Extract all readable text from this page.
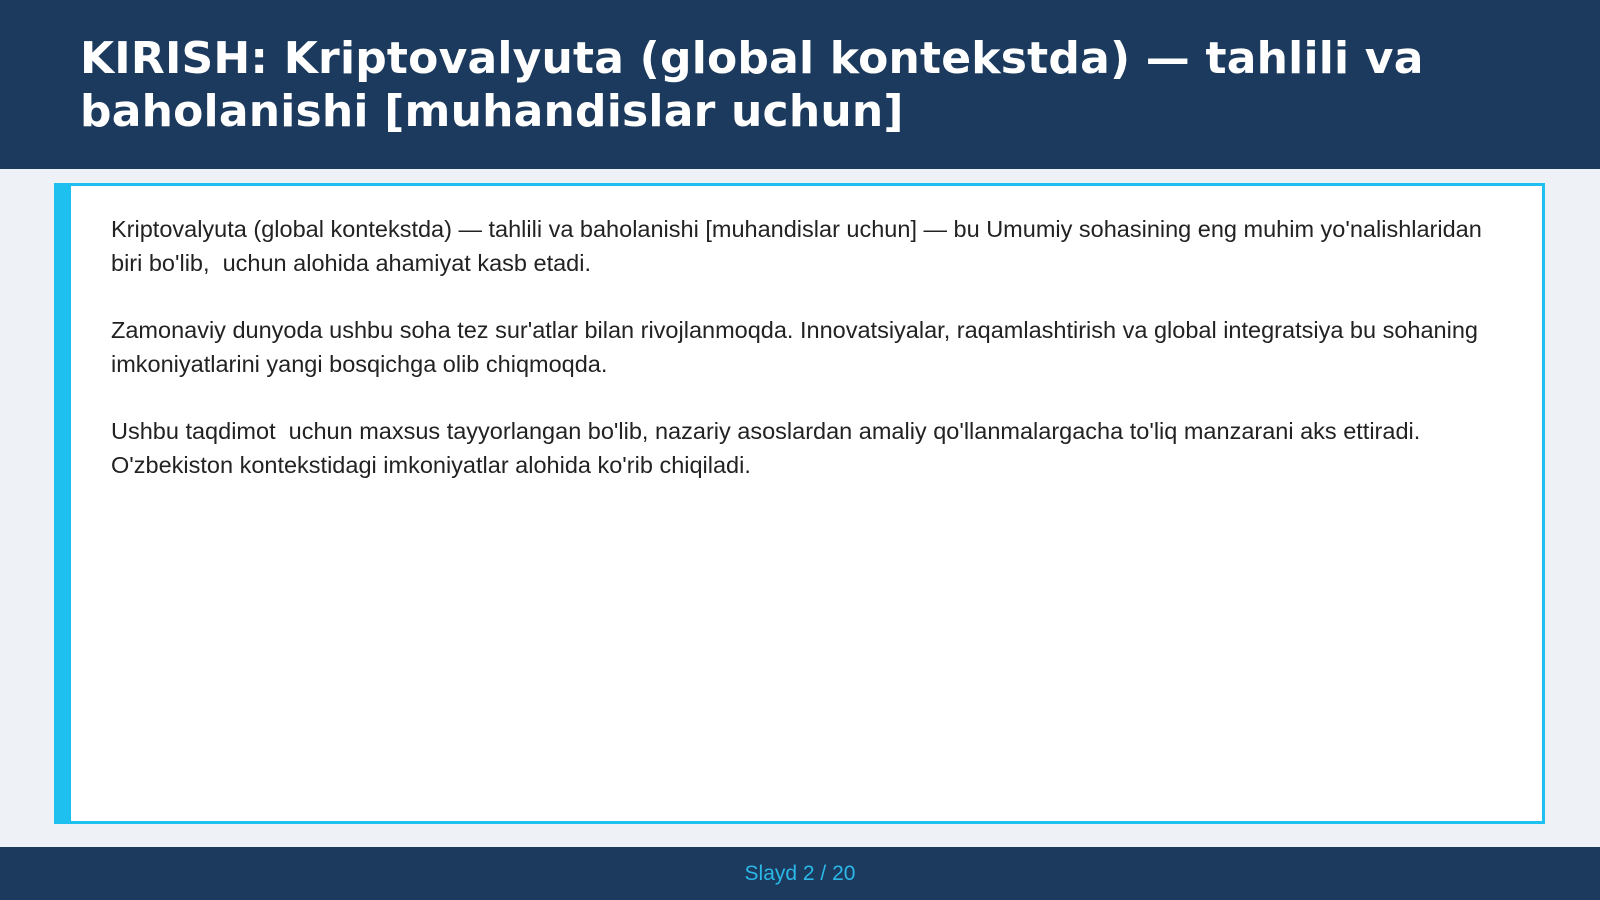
KIRISH: Kriptovalyuta (global kontekstda) — tahlili va baholanishi [muhandislar uchun]

Kriptovalyuta (global kontekstda) — tahlili va baholanishi [muhandislar uchun] — bu Umumiy sohasining eng muhim yo'nalishlaridan biri bo'lib,  uchun alohida ahamiyat kasb etadi.

Zamonaviy dunyoda ushbu soha tez sur'atlar bilan rivojlanmoqda. Innovatsiyalar, raqamlashtirish va global integratsiya bu sohaning imkoniyatlarini yangi bosqichga olib chiqmoqda.

Ushbu taqdimot  uchun maxsus tayyorlangan bo'lib, nazariy asoslardan amaliy qo'llanmalargacha to'liq manzarani aks ettiradi. O'zbekiston kontekstidagi imkoniyatlar alohida ko'rib chiqiladi.

Slayd 2 / 20
